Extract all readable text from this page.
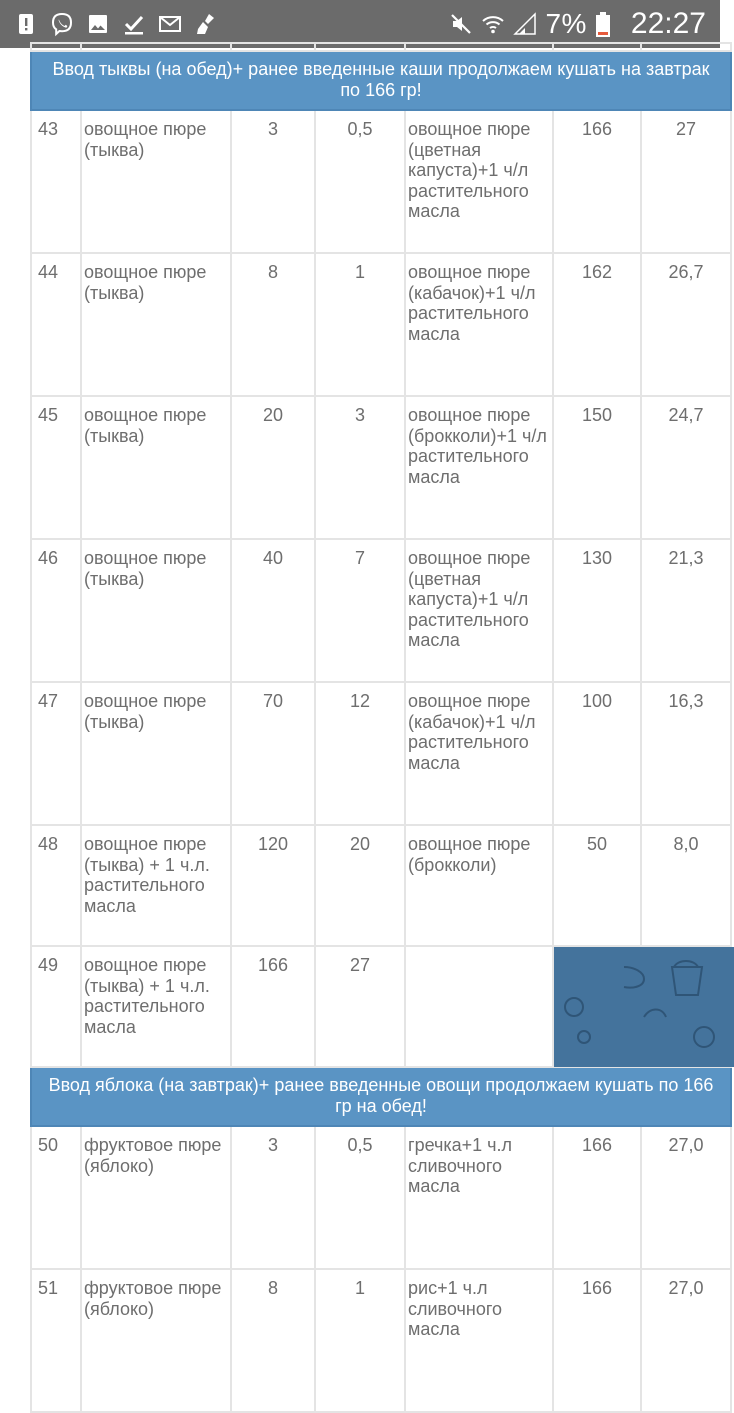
7% 22:27

Ввод тыквы (на обед)+ ранее введенные каши продолжаем кушать на завтрак по 166 гр!						
43	овощное пюре (тыква)	3	0,5	овощное пюре (цветная капуста)+1 ч/л растительного масла	166	27
44	овощное пюре (тыква)	8	1	овощное пюре (кабачок)+1 ч/л растительного масла	162	26,7
45	овощное пюре (тыква)	20	3	овощное пюре (брокколи)+1 ч/л растительного масла	150	24,7
46	овощное пюре (тыква)	40	7	овощное пюре (цветная капуста)+1 ч/л растительного масла	130	21,3
47	овощное пюре (тыква)	70	12	овощное пюре (кабачок)+1 ч/л растительного масла	100	16,3
48	овощное пюре (тыква) + 1 ч.л. растительного масла	120	20	овощное пюре (брокколи)	50	8,0
49	овощное пюре (тыква) + 1 ч.л. растительного масла	166	27		

Ввод яблока (на завтрак)+ ранее введенные овощи продолжаем кушать по 166 гр на обед!						
50	фруктовое пюре (яблоко)	3	0,5	гречка+1 ч.л сливочного масла	166	27,0
51	фруктовое пюре (яблоко)	8	1	рис+1 ч.л сливочного масла	166	27,0
